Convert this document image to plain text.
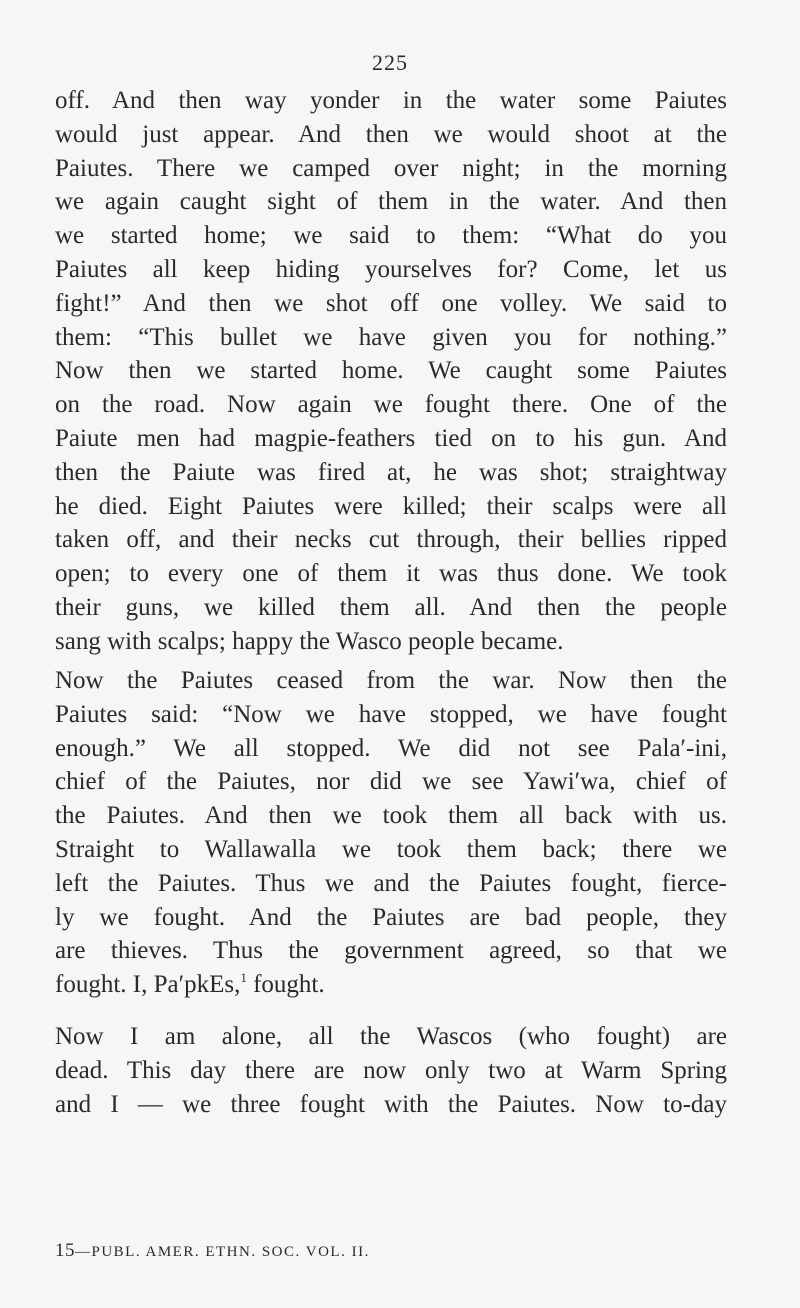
225
off. And then way yonder in the water some Paiutes
would just appear. And then we would shoot at the
Paiutes. There we camped over night; in the morning
we again caught sight of them in the water. And then
we started home; we said to them: “What do you
Paiutes all keep hiding yourselves for? Come, let us
fight!” And then we shot off one volley. We said to
them: “This bullet we have given you for nothing.”
Now then we started home. We caught some Paiutes
on the road. Now again we fought there. One of the
Paiute men had magpie-feathers tied on to his gun. And
then the Paiute was fired at, he was shot; straightway
he died. Eight Paiutes were killed; their scalps were all
taken off, and their necks cut through, their bellies ripped
open; to every one of them it was thus done. We took
their guns, we killed them all. And then the people
sang with scalps; happy the Wasco people became.
Now the Paiutes ceased from the war. Now then the
Paiutes said: “Now we have stopped, we have fought
enough.” We all stopped. We did not see Pala′-ini,
chief of the Paiutes, nor did we see Yawi′wa, chief of
the Paiutes. And then we took them all back with us.
Straight to Wallawalla we took them back; there we
left the Paiutes. Thus we and the Paiutes fought, fierce-
ly we fought. And the Paiutes are bad people, they
are thieves. Thus the government agreed, so that we
fought. I, Pa′pkEs,$^1$ fought.
Now I am alone, all the Wascos (who fought) are
dead. This day there are now only two at Warm Spring
and I — we three fought with the Paiutes. Now to-day
15—PUBL. AMER. ETHN. SOC. VOL. II.
